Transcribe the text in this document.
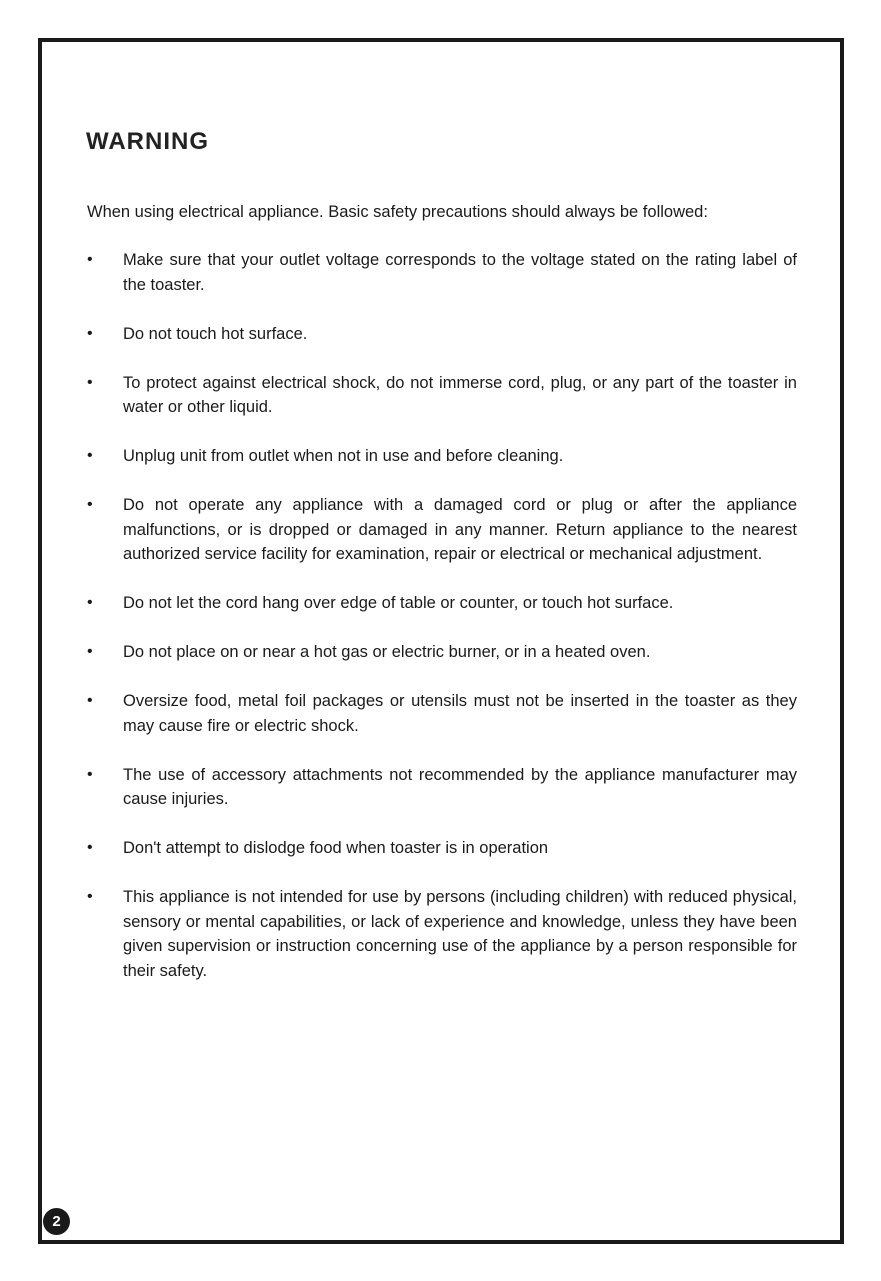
WARNING

When using electrical appliance. Basic safety precautions should always be followed:

•	Make sure that your outlet voltage corresponds to the voltage stated on the rating label of the toaster.
•	Do not touch hot surface.
•	To protect against electrical shock, do not immerse cord, plug, or any part of the toaster in water or other liquid.
•	Unplug unit from outlet when not in use and before cleaning.
•	Do not operate any appliance with a damaged cord or plug or after the appliance malfunctions, or is dropped or damaged in any manner. Return appliance to the nearest authorized service facility for examination, repair or electrical or mechanical adjustment.
•	Do not let the cord hang over edge of table or counter, or touch hot surface.
•	Do not place on or near a hot gas or electric burner, or in a heated oven.
•	Oversize food, metal foil packages or utensils must not be inserted in the toaster as they may cause fire or electric shock.
•	The use of accessory attachments not recommended by the appliance manufacturer may cause injuries.
•	Don't attempt to dislodge food when toaster is in operation
•	This appliance is not intended for use by persons (including children) with reduced physical, sensory or mental capabilities, or lack of experience and knowledge, unless they have been given supervision or instruction concerning use of the appliance by a person responsible for their safety.
2
